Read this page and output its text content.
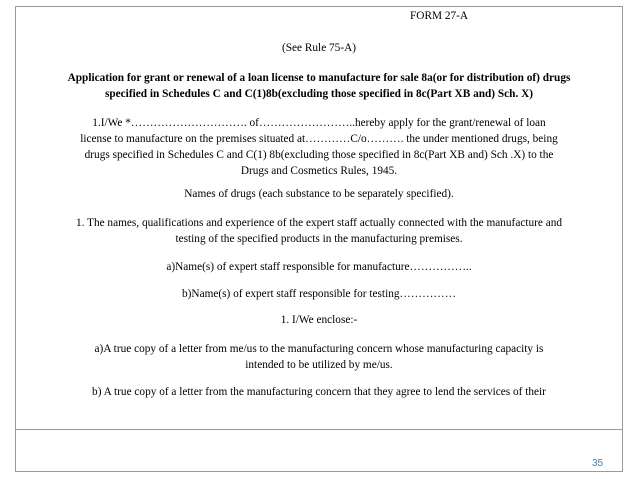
FORM 27-A
(See Rule 75-A)
Application for grant or renewal of a loan license to manufacture for sale 8a(or for distribution of) drugs
specified in Schedules C and C(1)8b(excluding those specified in 8c(Part XB and) Sch. X)
1.I/We *…………………………. of……………………..hereby apply for the grant/renewal of loan
license to manufacture on the premises situated at…………C/o………. the under mentioned drugs, being
drugs specified in Schedules C and C(1) 8b(excluding those specified in 8c(Part XB and) Sch .X) to the
Drugs and Cosmetics Rules, 1945.
Names of drugs (each substance to be separately specified).
1. The names, qualifications and experience of the expert staff actually connected with the manufacture and
testing of the specified products in the manufacturing premises.
a)Name(s) of expert staff responsible for manufacture……………..
b)Name(s) of expert staff responsible for testing……………
1. I/We enclose:-
a)A true copy of a letter from me/us to the manufacturing concern whose manufacturing capacity is
intended to be utilized by me/us.
b) A true copy of a letter from the manufacturing concern that they agree to lend the services of their
35
